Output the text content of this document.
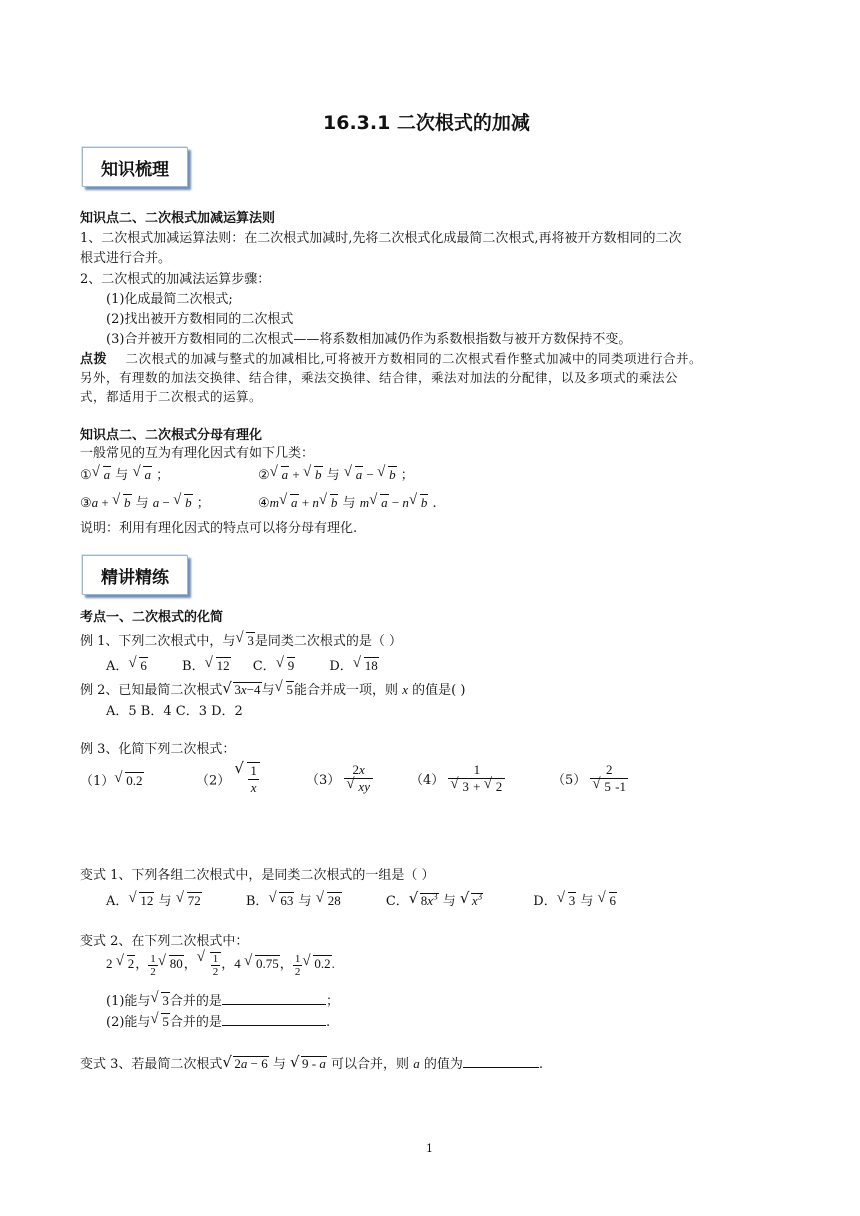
16.3.1 二次根式的加减
知识梳理
知识点二、二次根式加减运算法则
1、二次根式加减运算法则：在二次根式加减时,先将二次根式化成最简二次根式,再将被开方数相同的二次
根式进行合并。
2、二次根式的加减法运算步骤：
(1)化成最简二次根式;
(2)找出被开方数相同的二次根式
(3)合并被开方数相同的二次根式——将系数相加减仍作为系数根指数与被开方数保持不变。
点拨 二次根式的加减与整式的加减相比,可将被开方数相同的二次根式看作整式加减中的同类项进行合并。
另外，有理数的加法交换律、结合律，乘法交换律、结合律，乘法对加法的分配律，以及多项式的乘法公
式，都适用于二次根式的运算。
知识点二、二次根式分母有理化
一般常见的互为有理化因式有如下几类：
① √ a 与 √ a ；	② √ a + √ b 与 √ a − √ b ；
③a + √ b 与 a − √ b ；	④m √ a + n √ b 与 m √ a − n √ b .
说明：利用有理化因式的特点可以将分母有理化.
精讲精练
考点一、二次根式的化简
例 1、下列二次根式中，与 √ 3是同类二次根式的是（ ）
A． √ 6	B． √ 12 C． √ 9	D． √ 18
例 2、已知最简二次根式 √ 3x−4与 √ 5能合并成一项，则 x 的值是( )
A．5 B．4 C．3 D．2
例 3、化简下列二次根式：
（1） √ 0.2	（2） √ $\frac{1}{x}$	（3） 2x
√ xy	（4） 1
√ 3 + √ 2	（5） 2
√ 5 -1
变式 1、下列各组二次根式中，是同类二次根式的一组是（ ）
A． √ 12 与 √ 72	B． √ 63 与 √ 28	C． √ $8x^3$ 与 √ $x^3$	D． √ 3 与 √ 6
变式 2、在下列二次根式中：
2 √ 2， $\frac{1}{2}$ √ 80， √ $\frac{1}{2}$ ，4 √ 0.75， $\frac{1}{2}$ √ 0.2.
(1)能与 √ 3合并的是	；
(2)能与 √ 5合并的是	.
变式 3、若最简二次根式 √ 2a − 6 与 √ 9 - a 可以合并，则 a 的值为	.
1
